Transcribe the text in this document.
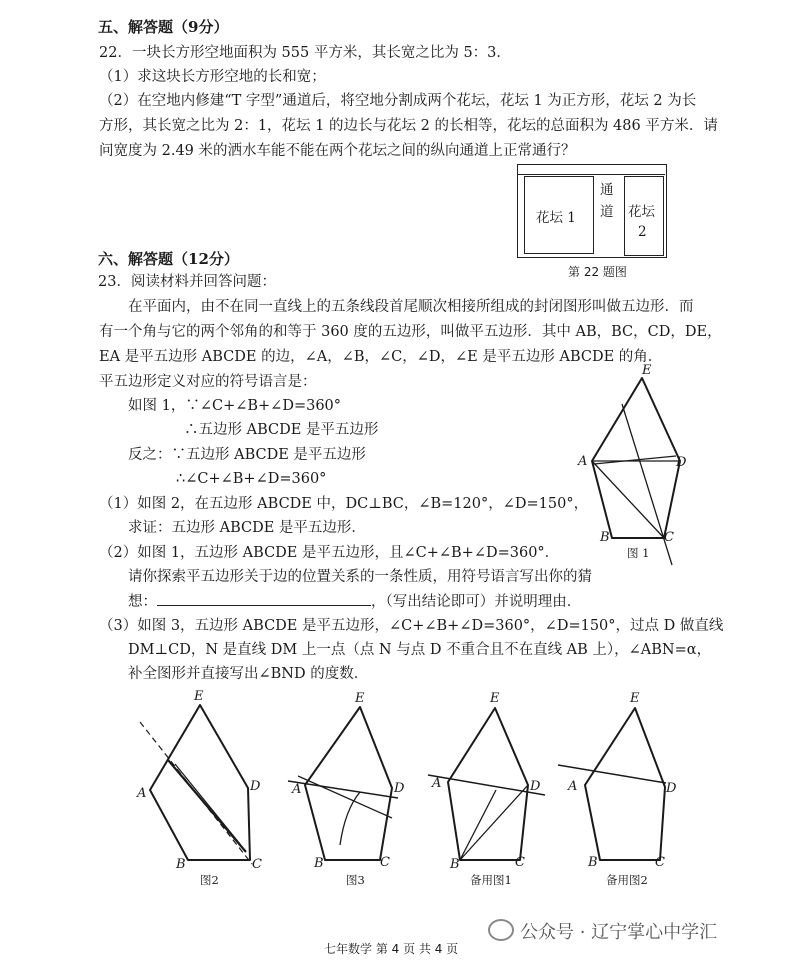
五、解答题（9分）
22．一块长方形空地面积为 555 平方米，其长宽之比为 5：3．
（1）求这块长方形空地的长和宽；
（2）在空地内修建“T 字型”通道后，将空地分割成两个花坛，花坛 1 为正方形，花坛 2 为长
方形，其长宽之比为 2：1，花坛 1 的边长与花坛 2 的长相等，花坛的总面积为 486 平方米．请
问宽度为 2.49 米的洒水车能不能在两个花坛之间的纵向通道上正常通行？
花坛 1
通
道 花坛
2
第 22 题图
六、解答题（12分）
23．阅读材料并回答问题：
在平面内，由不在同一直线上的五条线段首尾顺次相接所组成的封闭图形叫做五边形．而
有一个角与它的两个邻角的和等于 360 度的五边形，叫做平五边形．其中 AB，BC，CD，DE，
EA 是平五边形 ABCDE 的边，∠A，∠B，∠C，∠D，∠E 是平五边形 ABCDE 的角．
平五边形定义对应的符号语言是：
如图 1，∵∠C+∠B+∠D=360°
∴五边形 ABCDE 是平五边形
反之：∵五边形 ABCDE 是平五边形
∴∠C+∠B+∠D=360°
（1）如图 2，在五边形 ABCDE 中，DC⊥BC，∠B=120°，∠D=150°，
求证：五边形 ABCDE 是平五边形．
（2）如图 1，五边形 ABCDE 是平五边形，且∠C+∠B+∠D=360°．
请你探索平五边形关于边的位置关系的一条性质，用符号语言写出你的猜
想：	，（写出结论即可）并说明理由．
（3）如图 3，五边形 ABCDE 是平五边形，∠C+∠B+∠D=360°，∠D=150°，过点 D 做直线
DM⊥CD，N 是直线 DM 上一点（点 N 与点 D 不重合且不在直线 AB 上），∠ABN=α，
补全图形并直接写出∠BND 的度数．
E
A	D
B	C
E
A	D
B	C
E
A	D
B	C
E
A	D
B	C
E
A	D
B	C
图 1
图2	图3	备用图1	备用图2
公众号 · 辽宁掌心中学汇
七年数学 第 4 页 共 4 页
